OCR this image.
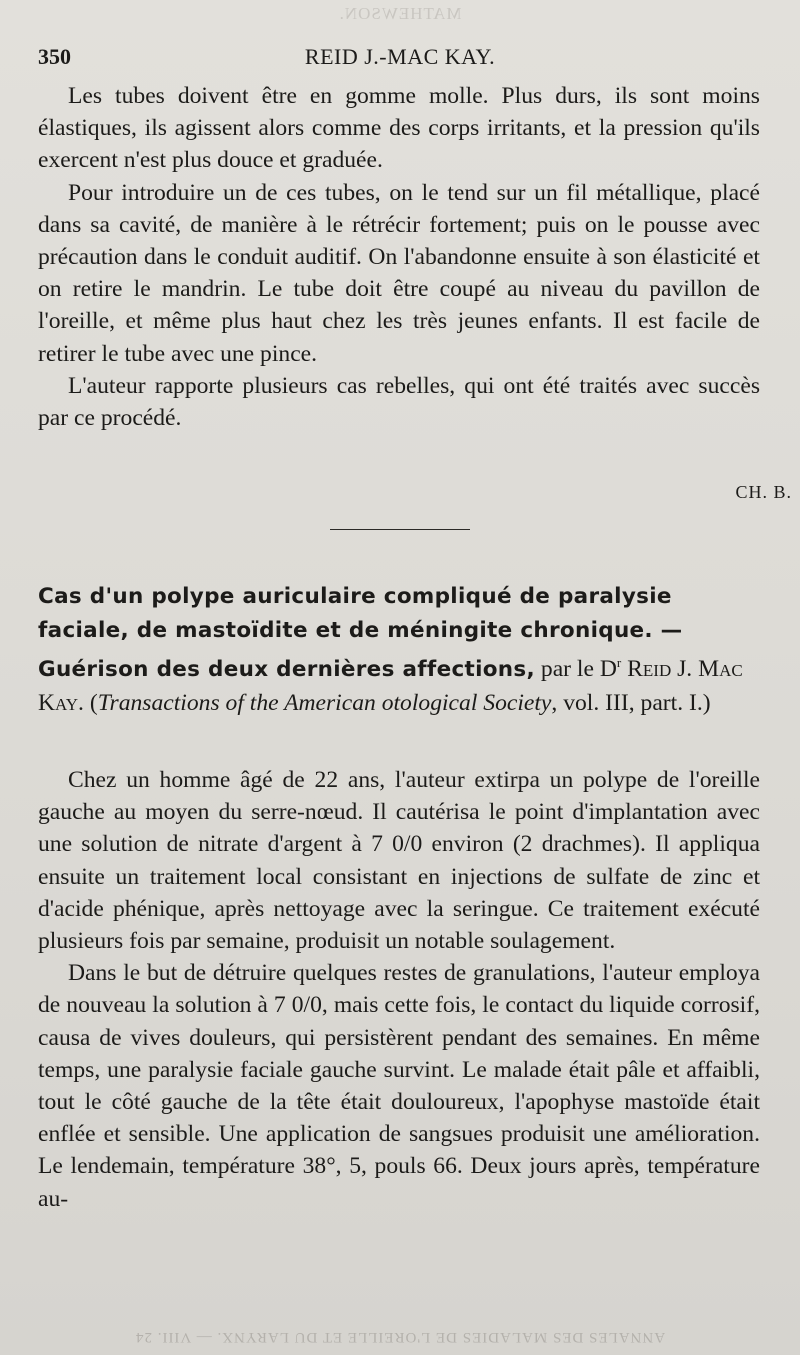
MATHEWSON.
350	REID J.-MAC KAY.

Les tubes doivent être en gomme molle. Plus durs, ils sont moins élastiques, ils agissent alors comme des corps irritants, et la pression qu'ils exercent n'est plus douce et graduée.

Pour introduire un de ces tubes, on le tend sur un fil métallique, placé dans sa cavité, de manière à le rétrécir fortement; puis on le pousse avec précaution dans le conduit auditif. On l'abandonne ensuite à son élasticité et on retire le mandrin. Le tube doit être coupé au niveau du pavillon de l'oreille, et même plus haut chez les très jeunes enfants. Il est facile de retirer le tube avec une pince.

L'auteur rapporte plusieurs cas rebelles, qui ont été traités avec succès par ce procédé.

CH. B.
Cas d'un polype auriculaire compliqué de paralysie faciale, de mastoïdite et de méningite chronique. — Guérison des deux dernières affections, par le $D^r$ Reid J. Mac Kay. (Transactions of the American otological Society, vol. III, part. I.)

Chez un homme âgé de 22 ans, l'auteur extirpa un polype de l'oreille gauche au moyen du serre-nœud. Il cautérisa le point d'implantation avec une solution de nitrate d'argent à 7 0/0 environ (2 drachmes). Il appliqua ensuite un traitement local consistant en injections de sulfate de zinc et d'acide phénique, après nettoyage avec la seringue. Ce traitement exécuté plusieurs fois par semaine, produisit un notable soulagement.

Dans le but de détruire quelques restes de granulations, l'auteur employa de nouveau la solution à 7 0/0, mais cette fois, le contact du liquide corrosif, causa de vives douleurs, qui persistèrent pendant des semaines. En même temps, une paralysie faciale gauche survint. Le malade était pâle et affaibli, tout le côté gauche de la tête était douloureux, l'apophyse mastoïde était enflée et sensible. Une application de sangsues produisit une amélioration. Le lendemain, température 38°, 5, pouls 66. Deux jours après, température au-

ANNALES DES MALADIES DE L'OREILLE ET DU LARYNX. — VIII. 24
